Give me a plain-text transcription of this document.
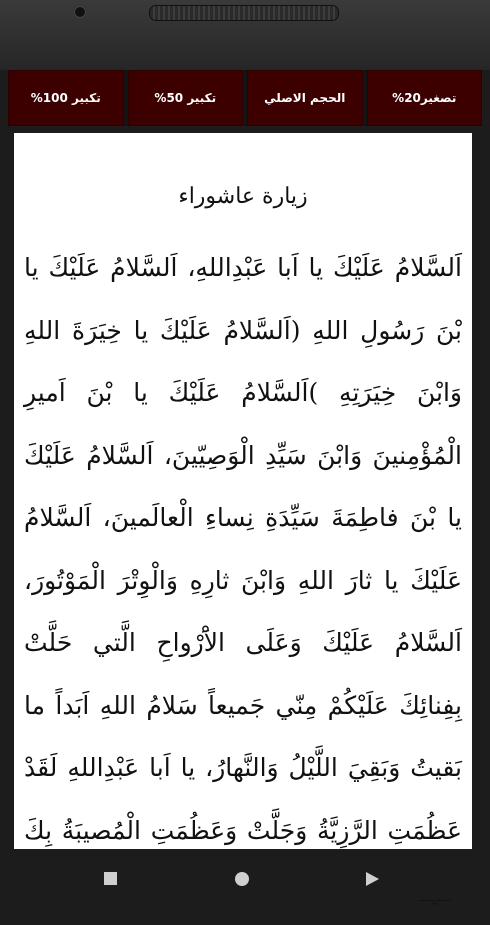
تصغير20%
الحجم الاصلي
تكبير 50%
تكبير 100%
زيارة عاشوراء
اَلسَّلامُ عَلَيْكَ يا اَبا عَبْدِاللهِ، اَلسَّلامُ عَلَيْكَ يا بْنَ رَسُولِ اللهِ (اَلسَّلامُ عَلَيْكَ يا خِيَرَةَ اللهِ وَابْنَ خِيَرَتِهِ )اَلسَّلامُ عَلَيْكَ يا بْنَ اَميرِ الْمُؤْمِنينَ وَابْنَ سَيِّدِ الْوَصِيّينَ، اَلسَّلامُ عَلَيْكَ يا بْنَ فاطِمَةَ سَيِّدَةِ نِساءِ الْعالَمينَ، اَلسَّلامُ عَلَيْكَ يا ثارَ اللهِ وَابْنَ ثارِهِ وَالْوِتْرَ الْمَوْتُورَ، اَلسَّلامُ عَلَيْكَ وَعَلَى الاَْرْواحِ الَّتي حَلَّتْ بِفِنائِكَ عَلَيْكُمْ مِنّي جَميعاً سَلامُ اللهِ اَبَداً ما بَقيتُ وَبَقِيَ اللَّيْلُ وَالنَّهارُ، يا اَبا عَبْدِاللهِ لَقَدْ عَظُمَتِ الرَّزِيَّةُ وَجَلَّتْ وَعَظُمَتِ الْمُصيبَةُ بِكَ
